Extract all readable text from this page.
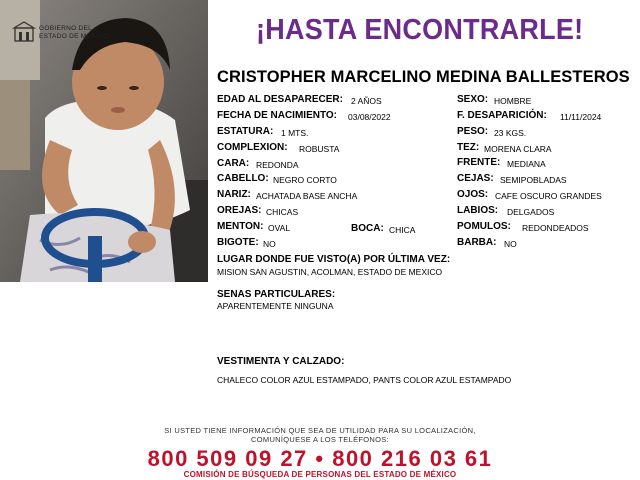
GOBIERNO DEL
ESTADO DE MÉXICO	¡HASTA ENCONTRARLE!
CRISTOPHER MARCELINO MEDINA BALLESTEROS
EDAD AL DESAPARECER: 2 AÑOS
FECHA DE NACIMIENTO: 03/08/2022
ESTATURA: 1 MTS.
COMPLEXION: ROBUSTA
CARA: REDONDA
CABELLO: NEGRO CORTO
NARIZ: ACHATADA BASE ANCHA
OREJAS: CHICAS
MENTON: OVAL	BOCA: CHICA
BIGOTE: NO
SEXO: HOMBRE
F. DESAPARICIÓN: 11/11/2024
PESO: 23 KGS.
TEZ: MORENA CLARA
FRENTE: MEDIANA
CEJAS: SEMIPOBLADAS
OJOS: CAFE OSCURO GRANDES
LABIOS: DELGADOS
POMULOS: REDONDEADOS
BARBA: NO
LUGAR DONDE FUE VISTO(A) POR ÚLTIMA VEZ:
MISION SAN AGUSTIN, ACOLMAN, ESTADO DE MEXICO
SENAS PARTICULARES:
APARENTEMENTE NINGUNA
VESTIMENTA Y CALZADO:
CHALECO COLOR AZUL ESTAMPADO, PANTS COLOR AZUL ESTAMPADO
SI USTED TIENE INFORMACIÓN QUE SEA DE UTILIDAD PARA SU LOCALIZACIÓN,
COMUNÍQUESE A LOS TELÉFONOS:
800 509 09 27 • 800 216 03 61
COMISIÓN DE BÚSQUEDA DE PERSONAS DEL ESTADO DE MÉXICO
